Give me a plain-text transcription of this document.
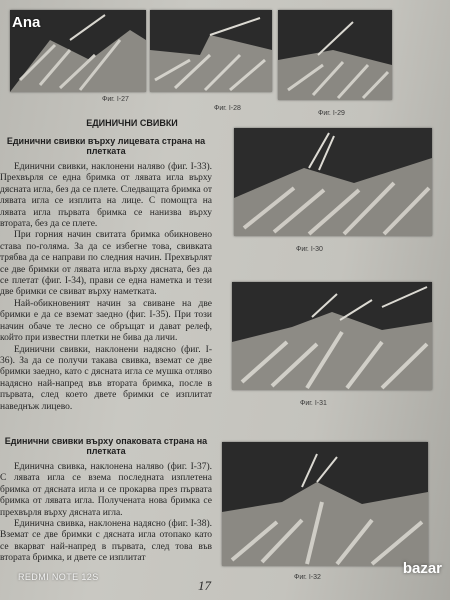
Фиг. I-27
Фиг. I-28
Фиг. I-29
ЕДИНИЧНИ СВИВКИ
Единични свивки върху лицевата страна на плетката

Единични свивки, наклонени наляво (фиг. I-33). Прехвърля се една бримка от лявата игла върху дясната игла, без да се плете. Следващата бримка от лявата игла се изплита на лице. С помощта на лявата игла първата бримка се нанизва върху втората, без да се плете.

При горния начин свитата бримка обикновено става по-голяма. За да се избегне това, свивката трябва да се направи по следния начин. Прехвърлят се две бримки от лявата игла върху дясната, без да се плетат (фиг. I-34), прави се една наметка и тези две бримки се свиват върху наметката.

Най-обикновеният начин за свиване на две бримки е да се вземат заедно (фиг. I-35). При този начин обаче те лесно се обръщат и дават релеф, който при известни плетки не бива да личи.

Единични свивки, наклонени надясно (фиг. I-36). За да се получи такава свивка, вземат се две бримки заедно, като с дясната игла се мушка отляво надясно най-напред във втората бримка, после в първата, след което двете бримки се изплитат наведнъж лицево.

Единични свивки върху опаковата страна на плетката

Единична свивка, наклонена наляво (фиг. I-37). С лявата игла се взема последната изплетена бримка от дясната игла и се прокарва през първата бримка от лявата игла. Получената нова бримка се прехвърля върху дясната игла.

Единична свивка, наклонена надясно (фиг. I-38). Вземат се две бримки с дясната игла отопако като се вкарват най-напред в първата, след това във втората бримка, и двете се изплитат

Фиг. I-30
Фиг. I-31
Фиг. I-32
17
Ana
REDMI NOTE 12S	bazar
